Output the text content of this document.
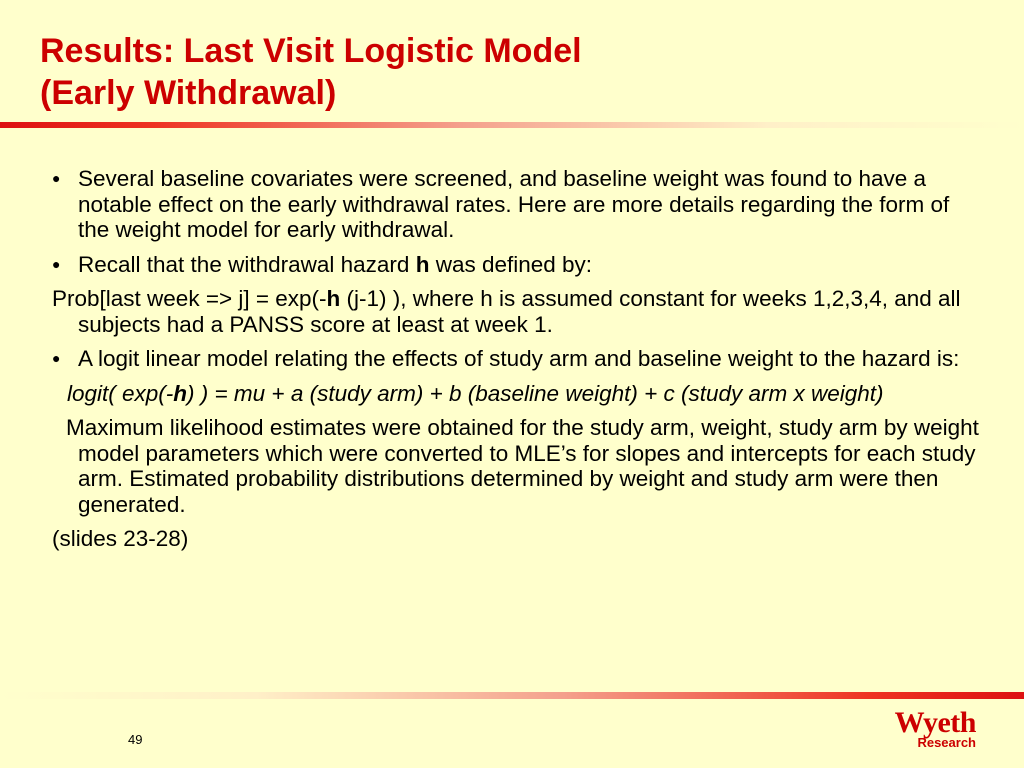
Results: Last Visit Logistic Model
(Early Withdrawal)

● Several baseline covariates were screened, and baseline weight was found to have a notable effect on the early withdrawal rates. Here are more details regarding the form of the weight model for early withdrawal.

● Recall that the withdrawal hazard h was defined by:

Prob[last week => j] = exp(-h (j-1) ), where h is assumed constant for weeks 1,2,3,4, and all subjects had a PANSS score at least at week 1.

● A logit linear model relating the effects of study arm and baseline weight to the hazard is:

logit( exp(-h) ) = mu + a (study arm) + b (baseline weight) + c (study arm x weight)

Maximum likelihood estimates were obtained for the study arm, weight, study arm by weight model parameters which were converted to MLE’s for slopes and intercepts for each study arm. Estimated probability distributions determined by weight and study arm were then generated.

(slides 23-28)

49
Wyeth
Research
